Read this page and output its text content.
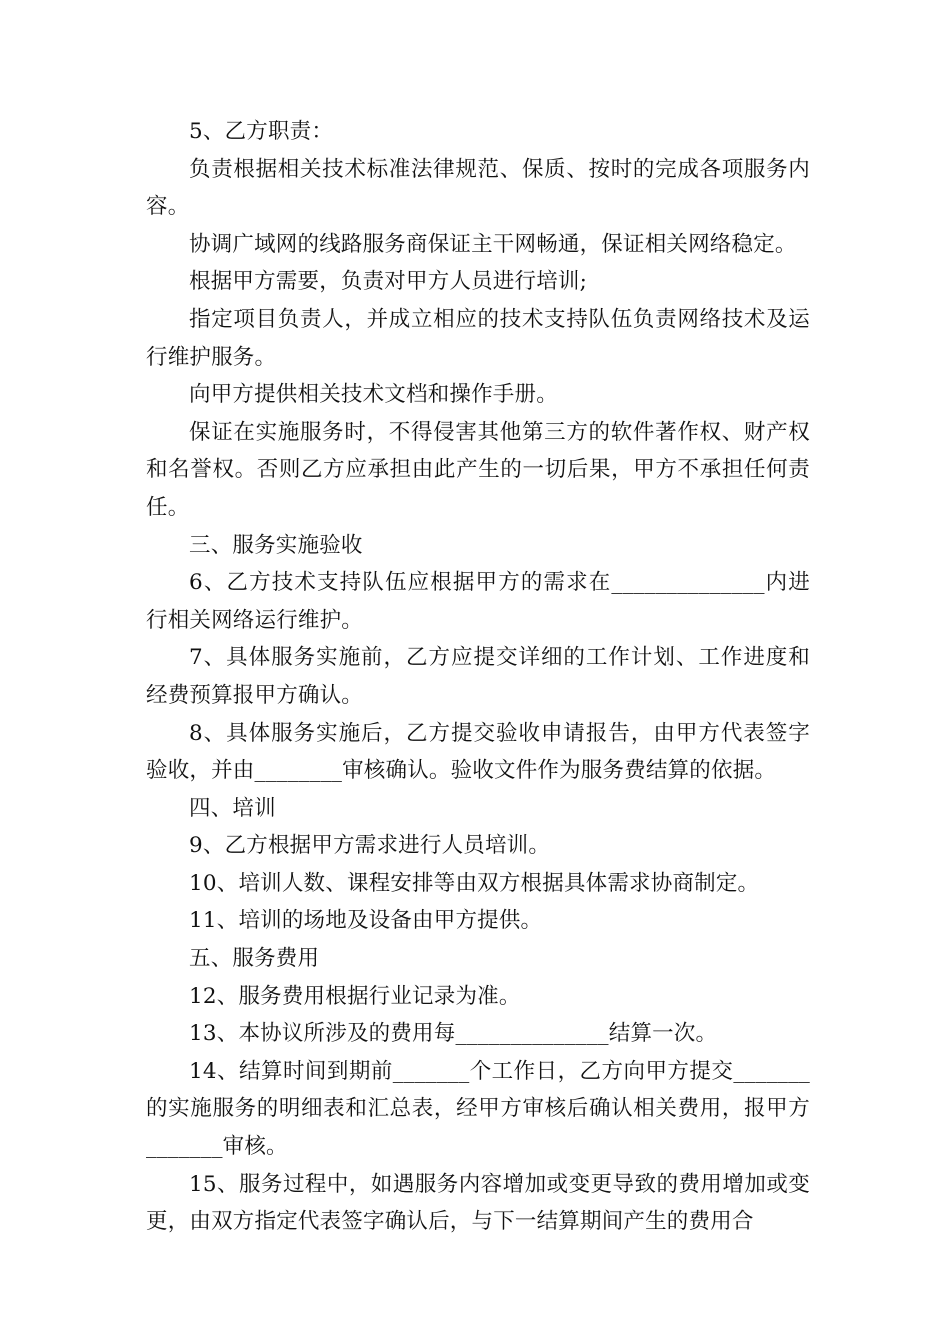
5、乙方职责：

负责根据相关技术标准法律规范、保质、按时的完成各项服务内容。

协调广域网的线路服务商保证主干网畅通，保证相关网络稳定。

根据甲方需要，负责对甲方人员进行培训;

指定项目负责人，并成立相应的技术支持队伍负责网络技术及运行维护服务。

向甲方提供相关技术文档和操作手册。

保证在实施服务时，不得侵害其他第三方的软件著作权、财产权和名誉权。否则乙方应承担由此产生的一切后果，甲方不承担任何责任。

三、服务实施验收

6、乙方技术支持队伍应根据甲方的需求在______________内进行相关网络运行维护。

7、具体服务实施前，乙方应提交详细的工作计划、工作进度和经费预算报甲方确认。

8、具体服务实施后，乙方提交验收申请报告，由甲方代表签字验收，并由________审核确认。验收文件作为服务费结算的依据。

四、培训

9、乙方根据甲方需求进行人员培训。

10、培训人数、课程安排等由双方根据具体需求协商制定。

11、培训的场地及设备由甲方提供。

五、服务费用

12、服务费用根据行业记录为准。

13、本协议所涉及的费用每______________结算一次。

14、结算时间到期前_______个工作日，乙方向甲方提交_______的实施服务的明细表和汇总表，经甲方审核后确认相关费用，报甲方_______审核。

15、服务过程中，如遇服务内容增加或变更导致的费用增加或变更，由双方指定代表签字确认后，与下一结算期间产生的费用合
